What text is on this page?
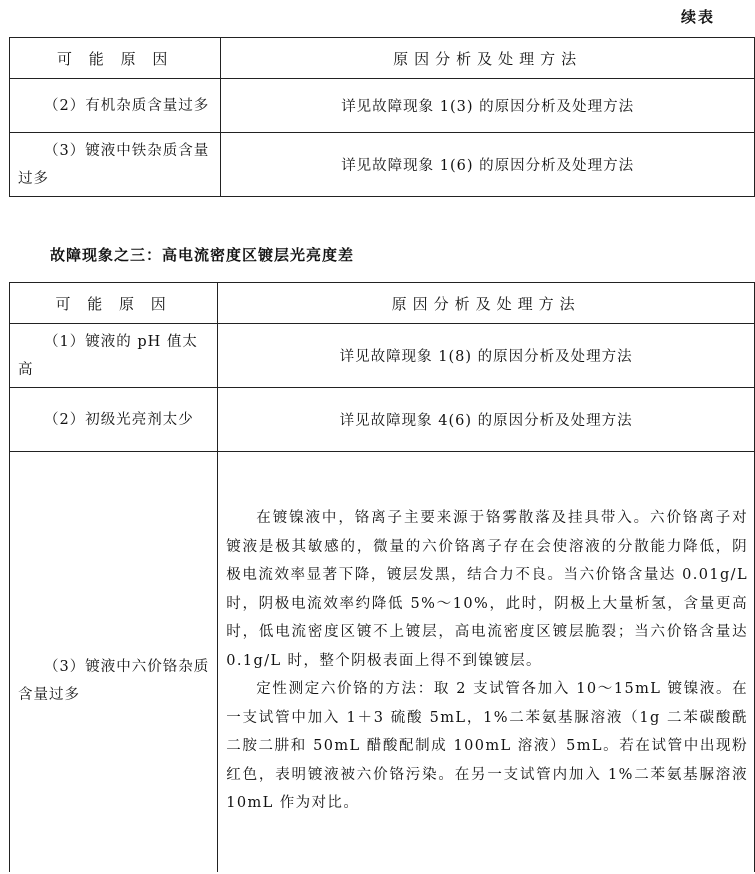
续表
可 能 原 因	原因分析及处理方法
（2）有机杂质含量过多	详见故障现象 1(3) 的原因分析及处理方法
（3）镀液中铁杂质含量过多	详见故障现象 1(6) 的原因分析及处理方法
故障现象之三：高电流密度区镀层光亮度差
可 能 原 因	原因分析及处理方法
（1）镀液的 pH 值太高	详见故障现象 1(8) 的原因分析及处理方法
（2）初级光亮剂太少	详见故障现象 4(6) 的原因分析及处理方法
（3）镀液中六价铬杂质含量过多	在镀镍液中，铬离子主要来源于铬雾散落及挂具带入。六价铬离子对镀液是极其敏感的，微量的六价铬离子存在会使溶液的分散能力降低，阴极电流效率显著下降，镀层发黑，结合力不良。当六价铬含量达 0.01g/L 时，阴极电流效率约降低 5%～10%，此时，阴极上大量析氢，含量更高时，低电流密度区镀不上镀层，高电流密度区镀层脆裂；当六价铬含量达 0.1g/L 时，整个阴极表面上得不到镍镀层。

定性测定六价铬的方法：取 2 支试管各加入 10～15mL 镀镍液。在一支试管中加入 1＋3 硫酸 5mL，1%二苯氨基脲溶液（1g 二苯碳酸酰二胺二肼和 50mL 醋酸配制成 100mL 溶液）5mL。若在试管中出现粉红色，表明镀液被六价铬污染。在另一支试管内加入 1%二苯氨基脲溶液 10mL 作为对比。
